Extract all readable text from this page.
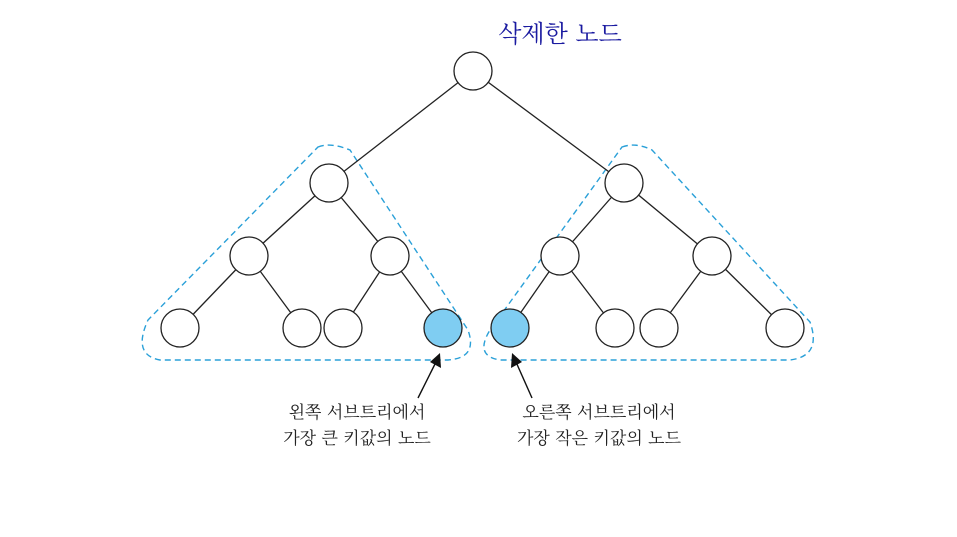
삭제한 노드
왼쪽 서브트리에서
가장 큰 키값의 노드
오른쪽 서브트리에서
가장 작은 키값의 노드
